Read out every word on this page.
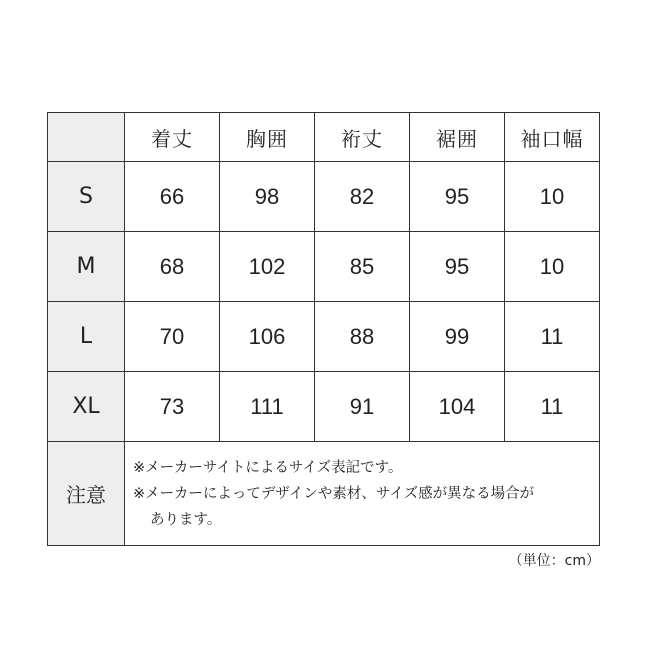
	着丈	胸囲	裄丈	裾囲	袖口幅
S	66	98	82	95	10
M	68	102	85	95	10
L	70	106	88	99	11
XL	73	111	91	104	11
注意	※メーカーサイトによるサイズ表記です。
※メーカーによってデザインや素材、サイズ感が異なる場合が
あります。				
（単位：cm）
